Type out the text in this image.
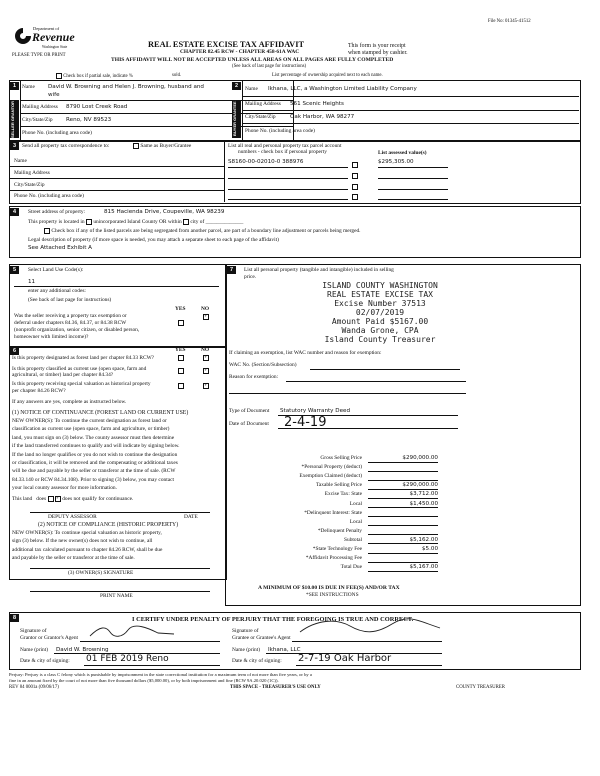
File No: 01345-41512
Department of
Revenue
Washington State
PLEASE TYPE OR PRINT
REAL ESTATE EXCISE TAX AFFIDAVIT
CHAPTER 82.45 RCW - CHAPTER 458-61A WAC
THIS AFFIDAVIT WILL NOT BE ACCEPTED UNLESS ALL AREAS ON ALL PAGES ARE FULLY COMPLETED
(See back of last page for instructions)
This form is your receipt
when stamped by cashier.
Check box if partial sale, indicate %	sold.	List percentage of ownership acquired next to each name.
1
SELLER GRANTOR
Name David W. Browning and Helen J. Browning, husband and
wife
Mailing Address 8790 Lost Creek Road
City/State/Zip Reno, NV 89523
Phone No. (including area code)
2
BUYER GRANTEE
Name Ikhana, LLC, a Washington Limited Liability Company
Mailing Address 561 Scenic Heights
City/State/Zip	Oak Harbor, WA 98277
Phone No. (including area code)
3	Send all property tax correspondence to:	Same as Buyer/Grantee
Name
Mailing Address
City/State/Zip
Phone No. (including area code)
List all real and personal property tax parcel account
numbers - check box if personal property	List assessed value(s)
S8160-00-02010-0 388976	$295,305.00
4	Street address of property:	815 Hacienda Drive, Coupeville, WA 98239
This property is located in unincorporated Island County OR within city of ______________
Check box if any of the listed parcels are being segregated from another parcel, are part of a boundary line adjustment or parcels being merged.
Legal description of property (if more space is needed, you may attach a separate sheet to each page of the affidavit)
See Attached Exhibit A
5	Select Land Use Code(s):
11
enter any additional codes:
(See back of last page for instructions)
YES	NO
Was the seller receiving a property tax exemption or
deferral under chapters 84.36, 84.37, or 84.38 RCW
(nonprofit organization, senior citizen, or disabled person,
homeowner with limited income)?
✓
6	YES	NO
Is this property designated as forest land per chapter 84.33 RCW?	✓
Is this property classified as current use (open space, farm and
agricultural, or timber) land per chapter 84.34?
✓
Is this property receiving special valuation as historical property
per chapter 84.26 RCW?
✓
If any answers are yes, complete as instructed below.
(1) NOTICE OF CONTINUANCE (FOREST LAND OR CURRENT USE)
NEW OWNER(S): To continue the current designation as forest land or
classification as current use (open space, farm and agriculture, or timber)
land, you must sign on (3) below. The county assessor must then determine
if the land transferred continues to qualify and will indicate by signing below.
If the land no longer qualifies or you do not wish to continue the designation
or classification, it will be removed and the compensating or additional taxes
will be due and payable by the seller or transferor at the time of sale. (RCW
84.33.140 or RCW 84.34.108). Prior to signing (3) below, you may contact
your local county assessor for more information.
This land does ✓ does not qualify for continuance.
DEPUTY ASSESSOR	DATE
(2) NOTICE OF COMPLIANCE (HISTORIC PROPERTY)
NEW OWNER(S): To continue special valuation as historic property,
sign (3) below. If the new owner(s) does not wish to continue, all
additional tax calculated pursuant to chapter 84.26 RCW, shall be due
and payable by the seller or transferor at the time of sale.
(3) OWNER(S) SIGNATURE
PRINT NAME
7	List all personal property (tangible and intangible) included in selling
price.
ISLAND COUNTY WASHINGTON
REAL ESTATE EXCISE TAX
Excise Number 37513
02/07/2019
Amount Paid $5167.00
Wanda Grone, CPA
Island County Treasurer
If claiming an exemption, list WAC number and reason for exemption:
WAC No. (Section/Subsection)
Reason for exemption:
Type of Document Statutory Warranty Deed
Date of Document 2-4-19
Gross Selling Price	$290,000.00
*Personal Property (deduct)
Exemption Claimed (deduct)
Taxable Selling Price	$290,000.00
Excise Tax: State	$3,712.00
Local	$1,450.00
*Delinquent Interest: State
Local
*Delinquent Penalty
Subtotal	$5,162.00
*State Technology Fee	$5.00
*Affidavit Processing Fee
Total Due	$5,167.00
A MINIMUM OF $10.00 IS DUE IN FEE(S) AND/OR TAX
*SEE INSTRUCTIONS
8	I CERTIFY UNDER PENALTY OF PERJURY THAT THE FOREGOING IS TRUE AND CORRECT.
Signature of
Grantor or Grantor's Agent
Signature of
Grantee or Grantee's Agent
Name (print) David W. Browning	Name (print) Ikhana, LLC
Date & city of signing: 01 FEB 2019 Reno	Date & city of signing: 2-7-19 Oak Harbor
Perjury: Perjury is a class C felony which is punishable by imprisonment in the state correctional institution for a maximum term of not more than five years, or by a
fine in an amount fixed by the court of not more than five thousand dollars ($5,000.00), or by both imprisonment and fine (RCW 9A.20.020 (1C)).
REV 84 0001a (09/06/17)	THIS SPACE - TREASURER'S USE ONLY	COUNTY TREASURER
